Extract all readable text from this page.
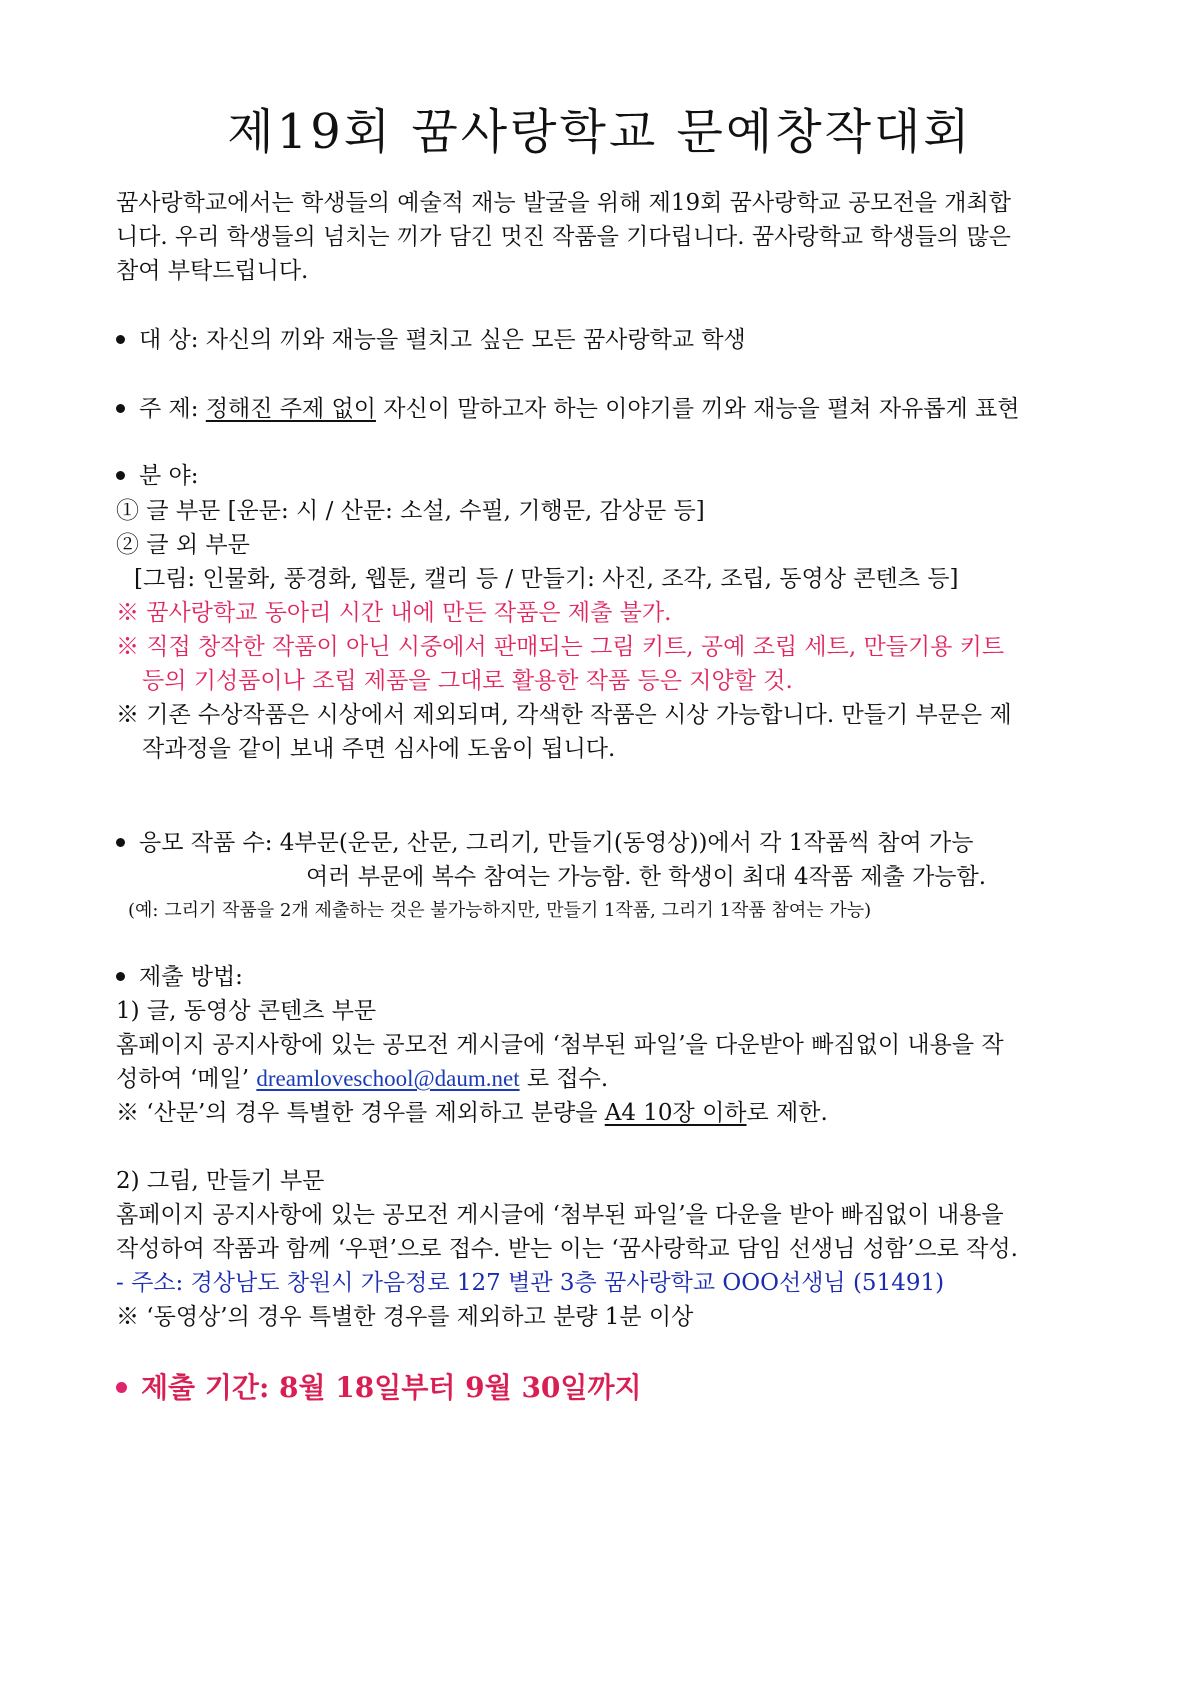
제19회 꿈사랑학교 문예창작대회
꿈사랑학교에서는 학생들의 예술적 재능 발굴을 위해 제19회 꿈사랑학교 공모전을 개최합
니다. 우리 학생들의 넘치는 끼가 담긴 멋진 작품을 기다립니다. 꿈사랑학교 학생들의 많은
참여 부탁드립니다.
대 상: 자신의 끼와 재능을 펼치고 싶은 모든 꿈사랑학교 학생
주 제: 정해진 주제 없이 자신이 말하고자 하는 이야기를 끼와 재능을 펼쳐 자유롭게 표현
분 야:
① 글 부문 [운문: 시 / 산문: 소설, 수필, 기행문, 감상문 등]
② 글 외 부문
[그림: 인물화, 풍경화, 웹툰, 캘리 등 / 만들기: 사진, 조각, 조립, 동영상 콘텐츠 등]
※ 꿈사랑학교 동아리 시간 내에 만든 작품은 제출 불가.
※ 직접 창작한 작품이 아닌 시중에서 판매되는 그림 키트, 공예 조립 세트, 만들기용 키트
등의 기성품이나 조립 제품을 그대로 활용한 작품 등은 지양할 것.
※ 기존 수상작품은 시상에서 제외되며, 각색한 작품은 시상 가능합니다. 만들기 부문은 제
작과정을 같이 보내 주면 심사에 도움이 됩니다.
응모 작품 수: 4부문(운문, 산문, 그리기, 만들기(동영상))에서 각 1작품씩 참여 가능
여러 부문에 복수 참여는 가능함. 한 학생이 최대 4작품 제출 가능함.
(예: 그리기 작품을 2개 제출하는 것은 불가능하지만, 만들기 1작품, 그리기 1작품 참여는 가능)
제출 방법:
1) 글, 동영상 콘텐츠 부문
홈페이지 공지사항에 있는 공모전 게시글에 ‘첨부된 파일’을 다운받아 빠짐없이 내용을 작
성하여 ‘메일’ dreamloveschool@daum.net 로 접수.
※ ‘산문’의 경우 특별한 경우를 제외하고 분량을 A4 10장 이하로 제한.
2) 그림, 만들기 부문
홈페이지 공지사항에 있는 공모전 게시글에 ‘첨부된 파일’을 다운을 받아 빠짐없이 내용을
작성하여 작품과 함께 ‘우편’으로 접수. 받는 이는 ‘꿈사랑학교 담임 선생님 성함’으로 작성.
- 주소: 경상남도 창원시 가음정로 127 별관 3층 꿈사랑학교 OOO선생님 (51491)
※ ‘동영상’의 경우 특별한 경우를 제외하고 분량 1분 이상
제출 기간: 8월 18일부터 9월 30일까지
